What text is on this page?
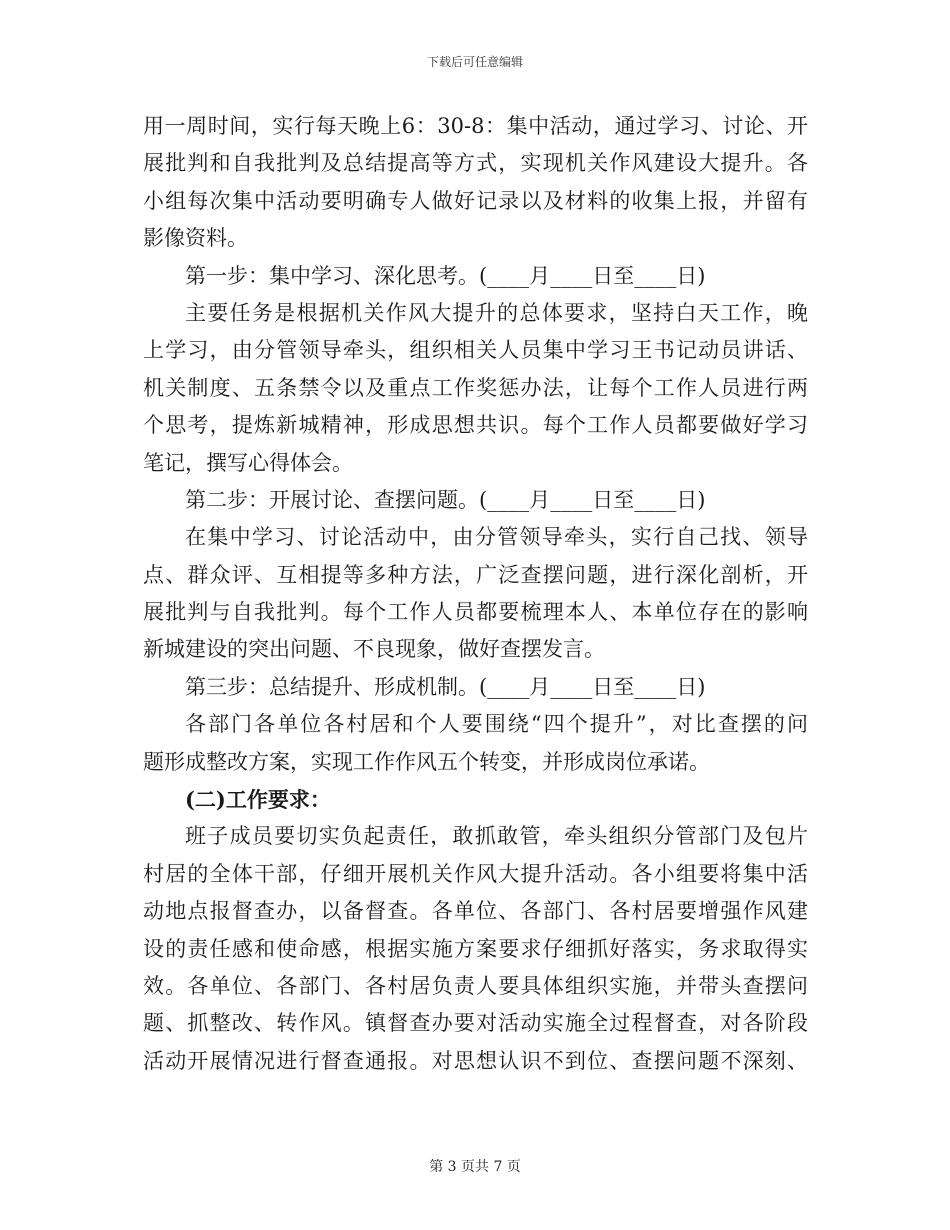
下载后可任意编辑
用一周时间，实行每天晚上6：30-8：集中活动，通过学习、讨论、开
展批判和自我批判及总结提高等方式，实现机关作风建设大提升。各
小组每次集中活动要明确专人做好记录以及材料的收集上报，并留有
影像资料。
第一步：集中学习、深化思考。(____月____日至____日)
主要任务是根据机关作风大提升的总体要求，坚持白天工作，晚
上学习，由分管领导牵头，组织相关人员集中学习王书记动员讲话、
机关制度、五条禁令以及重点工作奖惩办法，让每个工作人员进行两
个思考，提炼新城精神，形成思想共识。每个工作人员都要做好学习
笔记，撰写心得体会。
第二步：开展讨论、查摆问题。(____月____日至____日)
在集中学习、讨论活动中，由分管领导牵头，实行自己找、领导
点、群众评、互相提等多种方法，广泛查摆问题，进行深化剖析，开
展批判与自我批判。每个工作人员都要梳理本人、本单位存在的影响
新城建设的突出问题、不良现象，做好查摆发言。
第三步：总结提升、形成机制。(____月____日至____日)
各部门各单位各村居和个人要围绕“四个提升”，对比查摆的问
题形成整改方案，实现工作作风五个转变，并形成岗位承诺。
(二)工作要求：
班子成员要切实负起责任，敢抓敢管，牵头组织分管部门及包片
村居的全体干部，仔细开展机关作风大提升活动。各小组要将集中活
动地点报督查办，以备督查。各单位、各部门、各村居要增强作风建
设的责任感和使命感，根据实施方案要求仔细抓好落实，务求取得实
效。各单位、各部门、各村居负责人要具体组织实施，并带头查摆问
题、抓整改、转作风。镇督查办要对活动实施全过程督查，对各阶段
活动开展情况进行督查通报。对思想认识不到位、查摆问题不深刻、
第 3 页共 7 页
